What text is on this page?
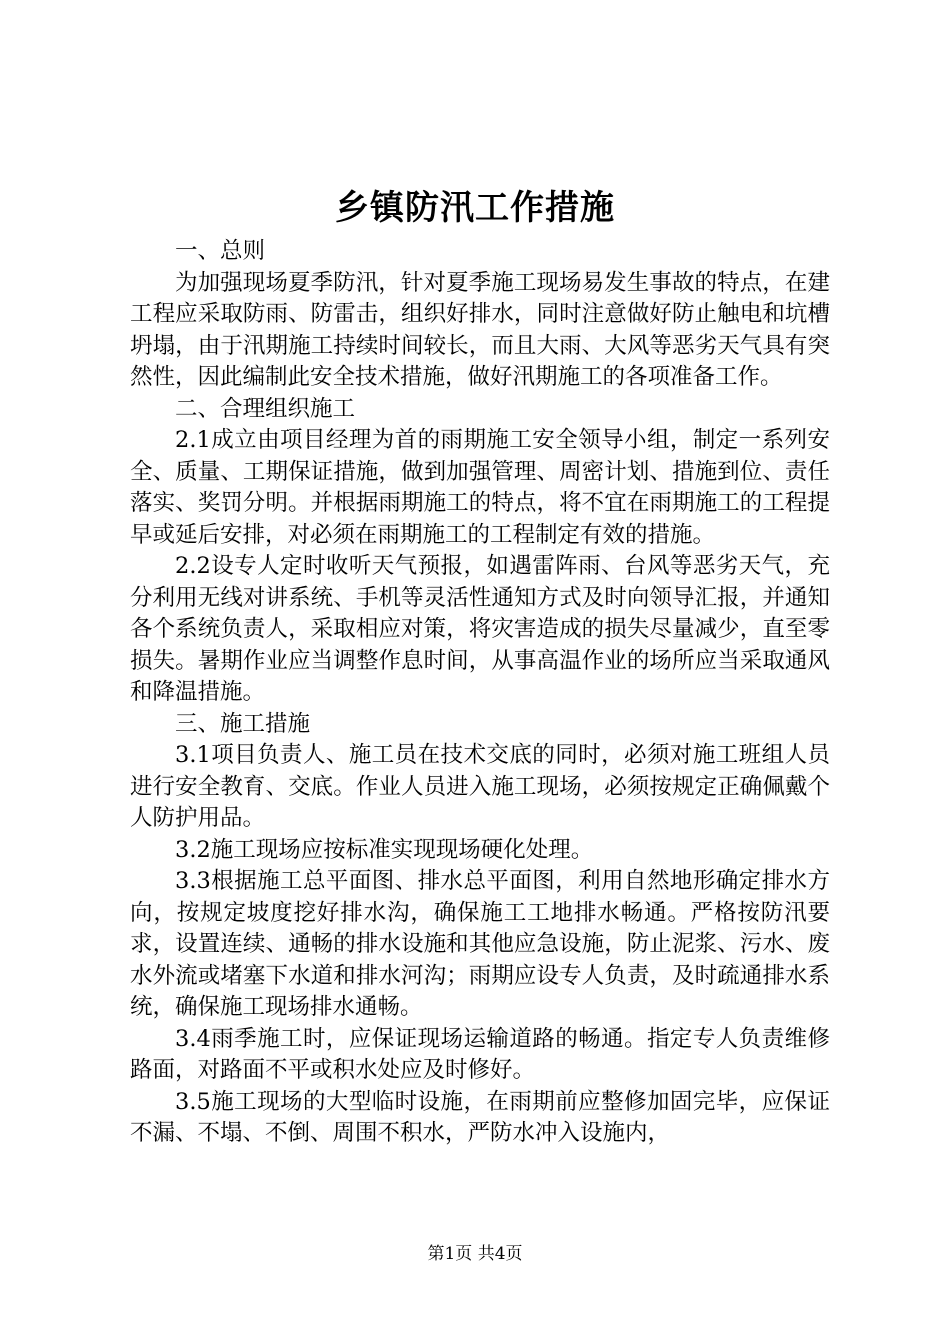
乡镇防汛工作措施

一、总则

为加强现场夏季防汛，针对夏季施工现场易发生事故的特点，在建工程应采取防雨、防雷击，组织好排水，同时注意做好防止触电和坑槽坍塌，由于汛期施工持续时间较长，而且大雨、大风等恶劣天气具有突然性，因此编制此安全技术措施，做好汛期施工的各项准备工作。

二、合理组织施工

2.1成立由项目经理为首的雨期施工安全领导小组，制定一系列安全、质量、工期保证措施，做到加强管理、周密计划、措施到位、责任落实、奖罚分明。并根据雨期施工的特点，将不宜在雨期施工的工程提早或延后安排，对必须在雨期施工的工程制定有效的措施。

2.2设专人定时收听天气预报，如遇雷阵雨、台风等恶劣天气，充分利用无线对讲系统、手机等灵活性通知方式及时向领导汇报，并通知各个系统负责人，采取相应对策，将灾害造成的损失尽量减少，直至零损失。暑期作业应当调整作息时间，从事高温作业的场所应当采取通风和降温措施。

三、施工措施

3.1项目负责人、施工员在技术交底的同时，必须对施工班组人员进行安全教育、交底。作业人员进入施工现场，必须按规定正确佩戴个人防护用品。

3.2施工现场应按标准实现现场硬化处理。

3.3根据施工总平面图、排水总平面图，利用自然地形确定排水方向，按规定坡度挖好排水沟，确保施工工地排水畅通。严格按防汛要求，设置连续、通畅的排水设施和其他应急设施，防止泥浆、污水、废水外流或堵塞下水道和排水河沟；雨期应设专人负责，及时疏通排水系统，确保施工现场排水通畅。

3.4雨季施工时，应保证现场运输道路的畅通。指定专人负责维修路面，对路面不平或积水处应及时修好。

3.5施工现场的大型临时设施，在雨期前应整修加固完毕，应保证不漏、不塌、不倒、周围不积水，严防水冲入设施内，

第1页 共4页
